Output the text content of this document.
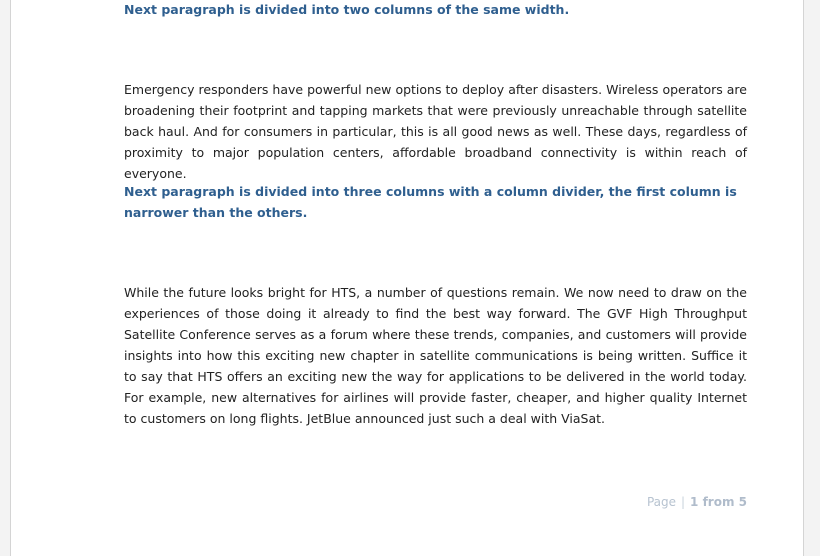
Next paragraph is divided into two columns of the same width.

Emergency responders have powerful new options to deploy after disasters. Wireless operators are broadening their footprint and tapping markets that were previously unreachable through satellite back haul. And for consumers in particular, this is all good news as well. These days, regardless of proximity to major population centers, affordable broadband connectivity is within reach of everyone.

Next paragraph is divided into three columns with a column divider, the first column is narrower than the others.

While the future looks bright for HTS, a number of questions remain. We now need to draw on the experiences of those doing it already to find the best way forward. The GVF High Throughput Satellite Conference serves as a forum where these trends, companies, and customers will provide insights into how this exciting new chapter in satellite communications is being written. Suffice it to say that HTS offers an exciting new the way for applications to be delivered in the world today. For example, new alternatives for airlines will provide faster, cheaper, and higher quality Internet to customers on long flights. JetBlue announced just such a deal with ViaSat.

Page | 1 from 5
